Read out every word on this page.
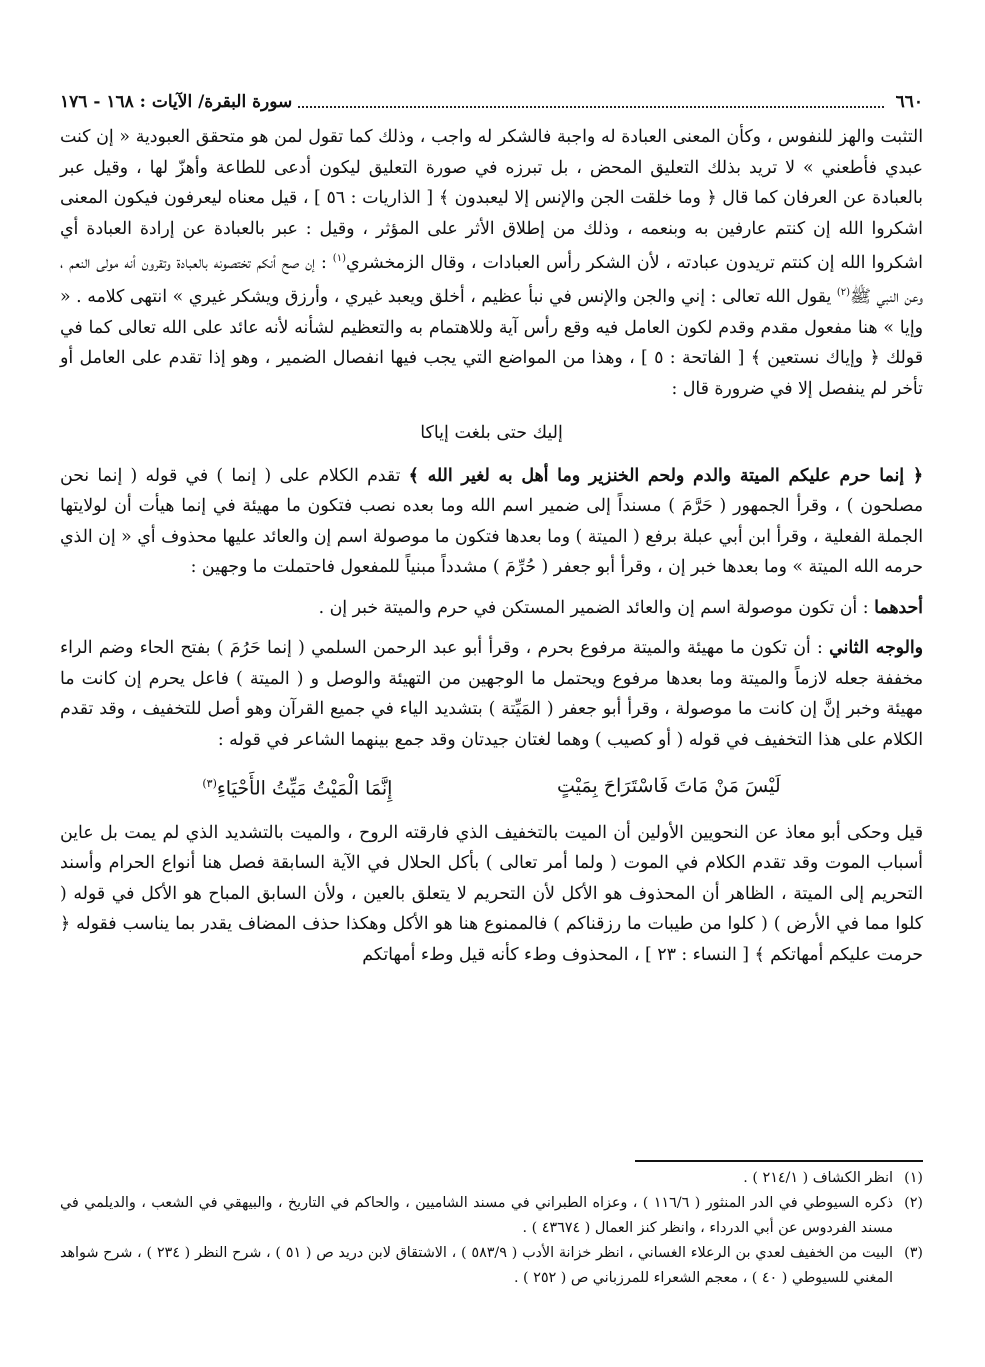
٦٦٠
سورة البقرة/ الآيات : ١٦٨ - ١٧٦

التثبت والهز للنفوس ، وكأن المعنى العبادة له واجبة فالشكر له واجب ، وذلك كما تقول لمن هو متحقق العبودية « إن كنت عبدي فأطعني » لا تريد بذلك التعليق المحض ، بل تبرزه في صورة التعليق ليكون أدعى للطاعة وأهزّ لها ، وقيل عبر بالعبادة عن العرفان كما قال ﴿ وما خلقت الجن والإنس إلا ليعبدون ﴾ [ الذاريات : ٥٦ ] ، قيل معناه ليعرفون فيكون المعنى اشكروا الله إن كنتم عارفين به وبنعمه ، وذلك من إطلاق الأثر على المؤثر ، وقيل : عبر بالعبادة عن إرادة العبادة أي اشكروا الله إن كنتم تريدون عبادته ، لأن الشكر رأس العبادات ، وقال الزمخشري$^{(١)}$ : إن صح أنكم تختصونه بالعبادة وتقرون أنه مولى النعم ، وعن النبي ﷺ$^{(٢)}$ يقول الله تعالى : إني والجن والإنس في نبأ عظيم ، أخلق ويعبد غيري ، وأرزق ويشكر غيري » انتهى كلامه . « وإيا » هنا مفعول مقدم وقدم لكون العامل فيه وقع رأس آية وللاهتمام به والتعظيم لشأنه لأنه عائد على الله تعالى كما في قولك ﴿ وإياك نستعين ﴾ [ الفاتحة : ٥ ] ، وهذا من المواضع التي يجب فيها انفصال الضمير ، وهو إذا تقدم على العامل أو تأخر لم ينفصل إلا في ضرورة قال :

إليك حتى بلغت إياكا

﴿ إنما حرم عليكم الميتة والدم ولحم الخنزير وما أهل به لغير الله ﴾ تقدم الكلام على ( إنما ) في قوله ( إنما نحن مصلحون ) ، وقرأ الجمهور ( حَرَّمَ ) مسنداً إلى ضمير اسم الله وما بعده نصب فتكون ما مهيئة في إنما هيأت أن لولايتها الجملة الفعلية ، وقرأ ابن أبي عبلة برفع ( الميتة ) وما بعدها فتكون ما موصولة اسم إن والعائد عليها محذوف أي « إن الذي حرمه الله الميتة » وما بعدها خبر إن ، وقرأ أبو جعفر ( حُرِّمَ ) مشدداً مبنياً للمفعول فاحتملت ما وجهين :

أحدهما : أن تكون موصولة اسم إن والعائد الضمير المستكن في حرم والميتة خبر إن .

والوجه الثاني : أن تكون ما مهيئة والميتة مرفوع بحرم ، وقرأ أبو عبد الرحمن السلمي ( إنما حَرُمَ ) بفتح الحاء وضم الراء مخففة جعله لازماً والميتة وما بعدها مرفوع ويحتمل ما الوجهين من التهيئة والوصل و ( الميتة ) فاعل يحرم إن كانت ما مهيئة وخبر إنَّ إن كانت ما موصولة ، وقرأ أبو جعفر ( المَيِّتة ) بتشديد الياء في جميع القرآن وهو أصل للتخفيف ، وقد تقدم الكلام على هذا التخفيف في قوله ( أو كصيب ) وهما لغتان جيدتان وقد جمع بينهما الشاعر في قوله :

لَيْسَ مَنْ مَاتَ فَاسْتَرَاحَ بِمَيْتٍ
إِنَّمَا الْمَيْتُ مَيِّتُ الأَحْيَاءِ$^{(٣)}$

قيل وحكى أبو معاذ عن النحويين الأولين أن الميت بالتخفيف الذي فارقته الروح ، والميت بالتشديد الذي لم يمت بل عاين أسباب الموت وقد تقدم الكلام في الموت ( ولما أمر تعالى ) بأكل الحلال في الآية السابقة فصل هنا أنواع الحرام وأسند التحريم إلى الميتة ، الظاهر أن المحذوف هو الأكل لأن التحريم لا يتعلق بالعين ، ولأن السابق المباح هو الأكل في قوله ( كلوا مما في الأرض ) ( كلوا من طيبات ما رزقناكم ) فالممنوع هنا هو الأكل وهكذا حذف المضاف يقدر بما يناسب فقوله ﴿ حرمت عليكم أمهاتكم ﴾ [ النساء : ٢٣ ] ، المحذوف وطء كأنه قيل وطء أمهاتكم

(١)
انظر الكشاف ( ٢١٤/١ ) .
(٢)
ذكره السيوطي في الدر المنثور ( ١١٦/٦ ) ، وعزاه الطبراني في مسند الشاميين ، والحاكم في التاريخ ، والبيهقي في الشعب ، والديلمي في مسند الفردوس عن أبي الدرداء ، وانظر كنز العمال ( ٤٣٦٧٤ ) .
(٣)
البيت من الخفيف لعدي بن الرعلاء الغساني ، انظر خزانة الأدب ( ٥٨٣/٩ ) ، الاشتقاق لابن دريد ص ( ٥١ ) ، شرح النظر ( ٢٣٤ ) ، شرح شواهد المغني للسيوطي ( ٤٠ ) ، معجم الشعراء للمرزباني ص ( ٢٥٢ ) .
